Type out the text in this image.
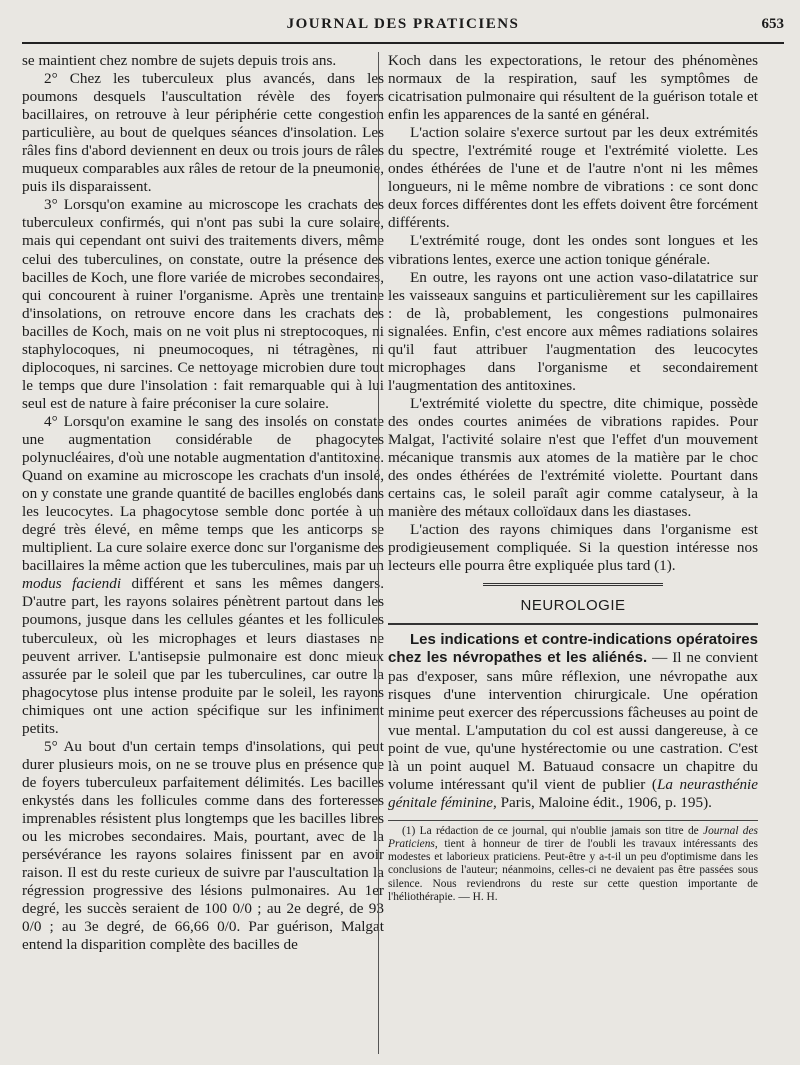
JOURNAL DES PRATICIENS	653

se maintient chez nombre de sujets depuis trois ans.

2° Chez les tuberculeux plus avancés, dans les poumons desquels l'auscultation révèle des foyers bacillaires, on retrouve à leur périphérie cette congestion particulière, au bout de quelques séances d'insolation. Les râles fins d'abord deviennent en deux ou trois jours de râles muqueux comparables aux râles de retour de la pneumonie, puis ils disparaissent.

3° Lorsqu'on examine au microscope les crachats des tuberculeux confirmés, qui n'ont pas subi la cure solaire, mais qui cependant ont suivi des traitements divers, même celui des tuberculines, on constate, outre la présence des bacilles de Koch, une flore variée de microbes secondaires, qui concourent à ruiner l'organisme. Après une trentaine d'insolations, on retrouve encore dans les crachats des bacilles de Koch, mais on ne voit plus ni streptocoques, ni staphylocoques, ni pneumocoques, ni tétragènes, ni diplocoques, ni sarcines. Ce nettoyage microbien dure tout le temps que dure l'insolation : fait remarquable qui à lui seul est de nature à faire préconiser la cure solaire.

4° Lorsqu'on examine le sang des insolés on constate une augmentation considérable de phagocytes polynucléaires, d'où une notable augmentation d'antitoxine. Quand on examine au microscope les crachats d'un insolé, on y constate une grande quantité de bacilles englobés dans les leucocytes. La phagocytose semble donc portée à un degré très élevé, en même temps que les anticorps se multiplient. La cure solaire exerce donc sur l'organisme des bacillaires la même action que les tuberculines, mais par un modus faciendi différent et sans les mêmes dangers. D'autre part, les rayons solaires pénètrent partout dans les poumons, jusque dans les cellules géantes et les follicules tuberculeux, où les microphages et leurs diastases ne peuvent arriver. L'antisepsie pulmonaire est donc mieux assurée par le soleil que par les tuberculines, car outre la phagocytose plus intense produite par le soleil, les rayons chimiques ont une action spécifique sur les infiniment petits.

5° Au bout d'un certain temps d'insolations, qui peut durer plusieurs mois, on ne se trouve plus en présence que de foyers tuberculeux parfaitement délimités. Les bacilles enkystés dans les follicules comme dans des forteresses imprenables résistent plus longtemps que les bacilles libres ou les microbes secondaires. Mais, pourtant, avec de la persévérance les rayons solaires finissent par en avoir raison. Il est du reste curieux de suivre par l'auscultation la régression progressive des lésions pulmonaires. Au 1er degré, les succès seraient de 100 0/0 ; au 2e degré, de 93 0/0 ; au 3e degré, de 66,66 0/0. Par guérison, Malgat entend la disparition complète des bacilles de

Koch dans les expectorations, le retour des phénomènes normaux de la respiration, sauf les symptômes de cicatrisation pulmonaire qui résultent de la guérison totale et enfin les apparences de la santé en général.

L'action solaire s'exerce surtout par les deux extrémités du spectre, l'extrémité rouge et l'extrémité violette. Les ondes éthérées de l'une et de l'autre n'ont ni les mêmes longueurs, ni le même nombre de vibrations : ce sont donc deux forces différentes dont les effets doivent être forcément différents.

L'extrémité rouge, dont les ondes sont longues et les vibrations lentes, exerce une action tonique générale.

En outre, les rayons ont une action vaso-dilatatrice sur les vaisseaux sanguins et particulièrement sur les capillaires : de là, probablement, les congestions pulmonaires signalées. Enfin, c'est encore aux mêmes radiations solaires qu'il faut attribuer l'augmentation des leucocytes microphages dans l'organisme et secondairement l'augmentation des antitoxines.

L'extrémité violette du spectre, dite chimique, possède des ondes courtes animées de vibrations rapides. Pour Malgat, l'activité solaire n'est que l'effet d'un mouvement mécanique transmis aux atomes de la matière par le choc des ondes éthérées de l'extrémité violette. Pourtant dans certains cas, le soleil paraît agir comme catalyseur, à la manière des métaux colloïdaux dans les diastases.

L'action des rayons chimiques dans l'organisme est prodigieusement compliquée. Si la question intéresse nos lecteurs elle pourra être expliquée plus tard (1).

NEUROLOGIE

Les indications et contre-indications opératoires chez les névropathes et les aliénés. — Il ne convient pas d'exposer, sans mûre réflexion, une névropathe aux risques d'une intervention chirurgicale. Une opération minime peut exercer des répercussions fâcheuses au point de vue mental. L'amputation du col est aussi dangereuse, à ce point de vue, qu'une hystérectomie ou une castration. C'est là un point auquel M. Batuaud consacre un chapitre du volume intéressant qu'il vient de publier (La neurasthénie génitale féminine, Paris, Maloine édit., 1906, p. 195).

(1) La rédaction de ce journal, qui n'oublie jamais son titre de Journal des Praticiens, tient à honneur de tirer de l'oubli les travaux intéressants des modestes et laborieux praticiens. Peut-être y a-t-il un peu d'optimisme dans les conclusions de l'auteur; néanmoins, celles-ci ne devaient pas être passées sous silence. Nous reviendrons du reste sur cette question importante de l'héliothérapie. — H. H.
